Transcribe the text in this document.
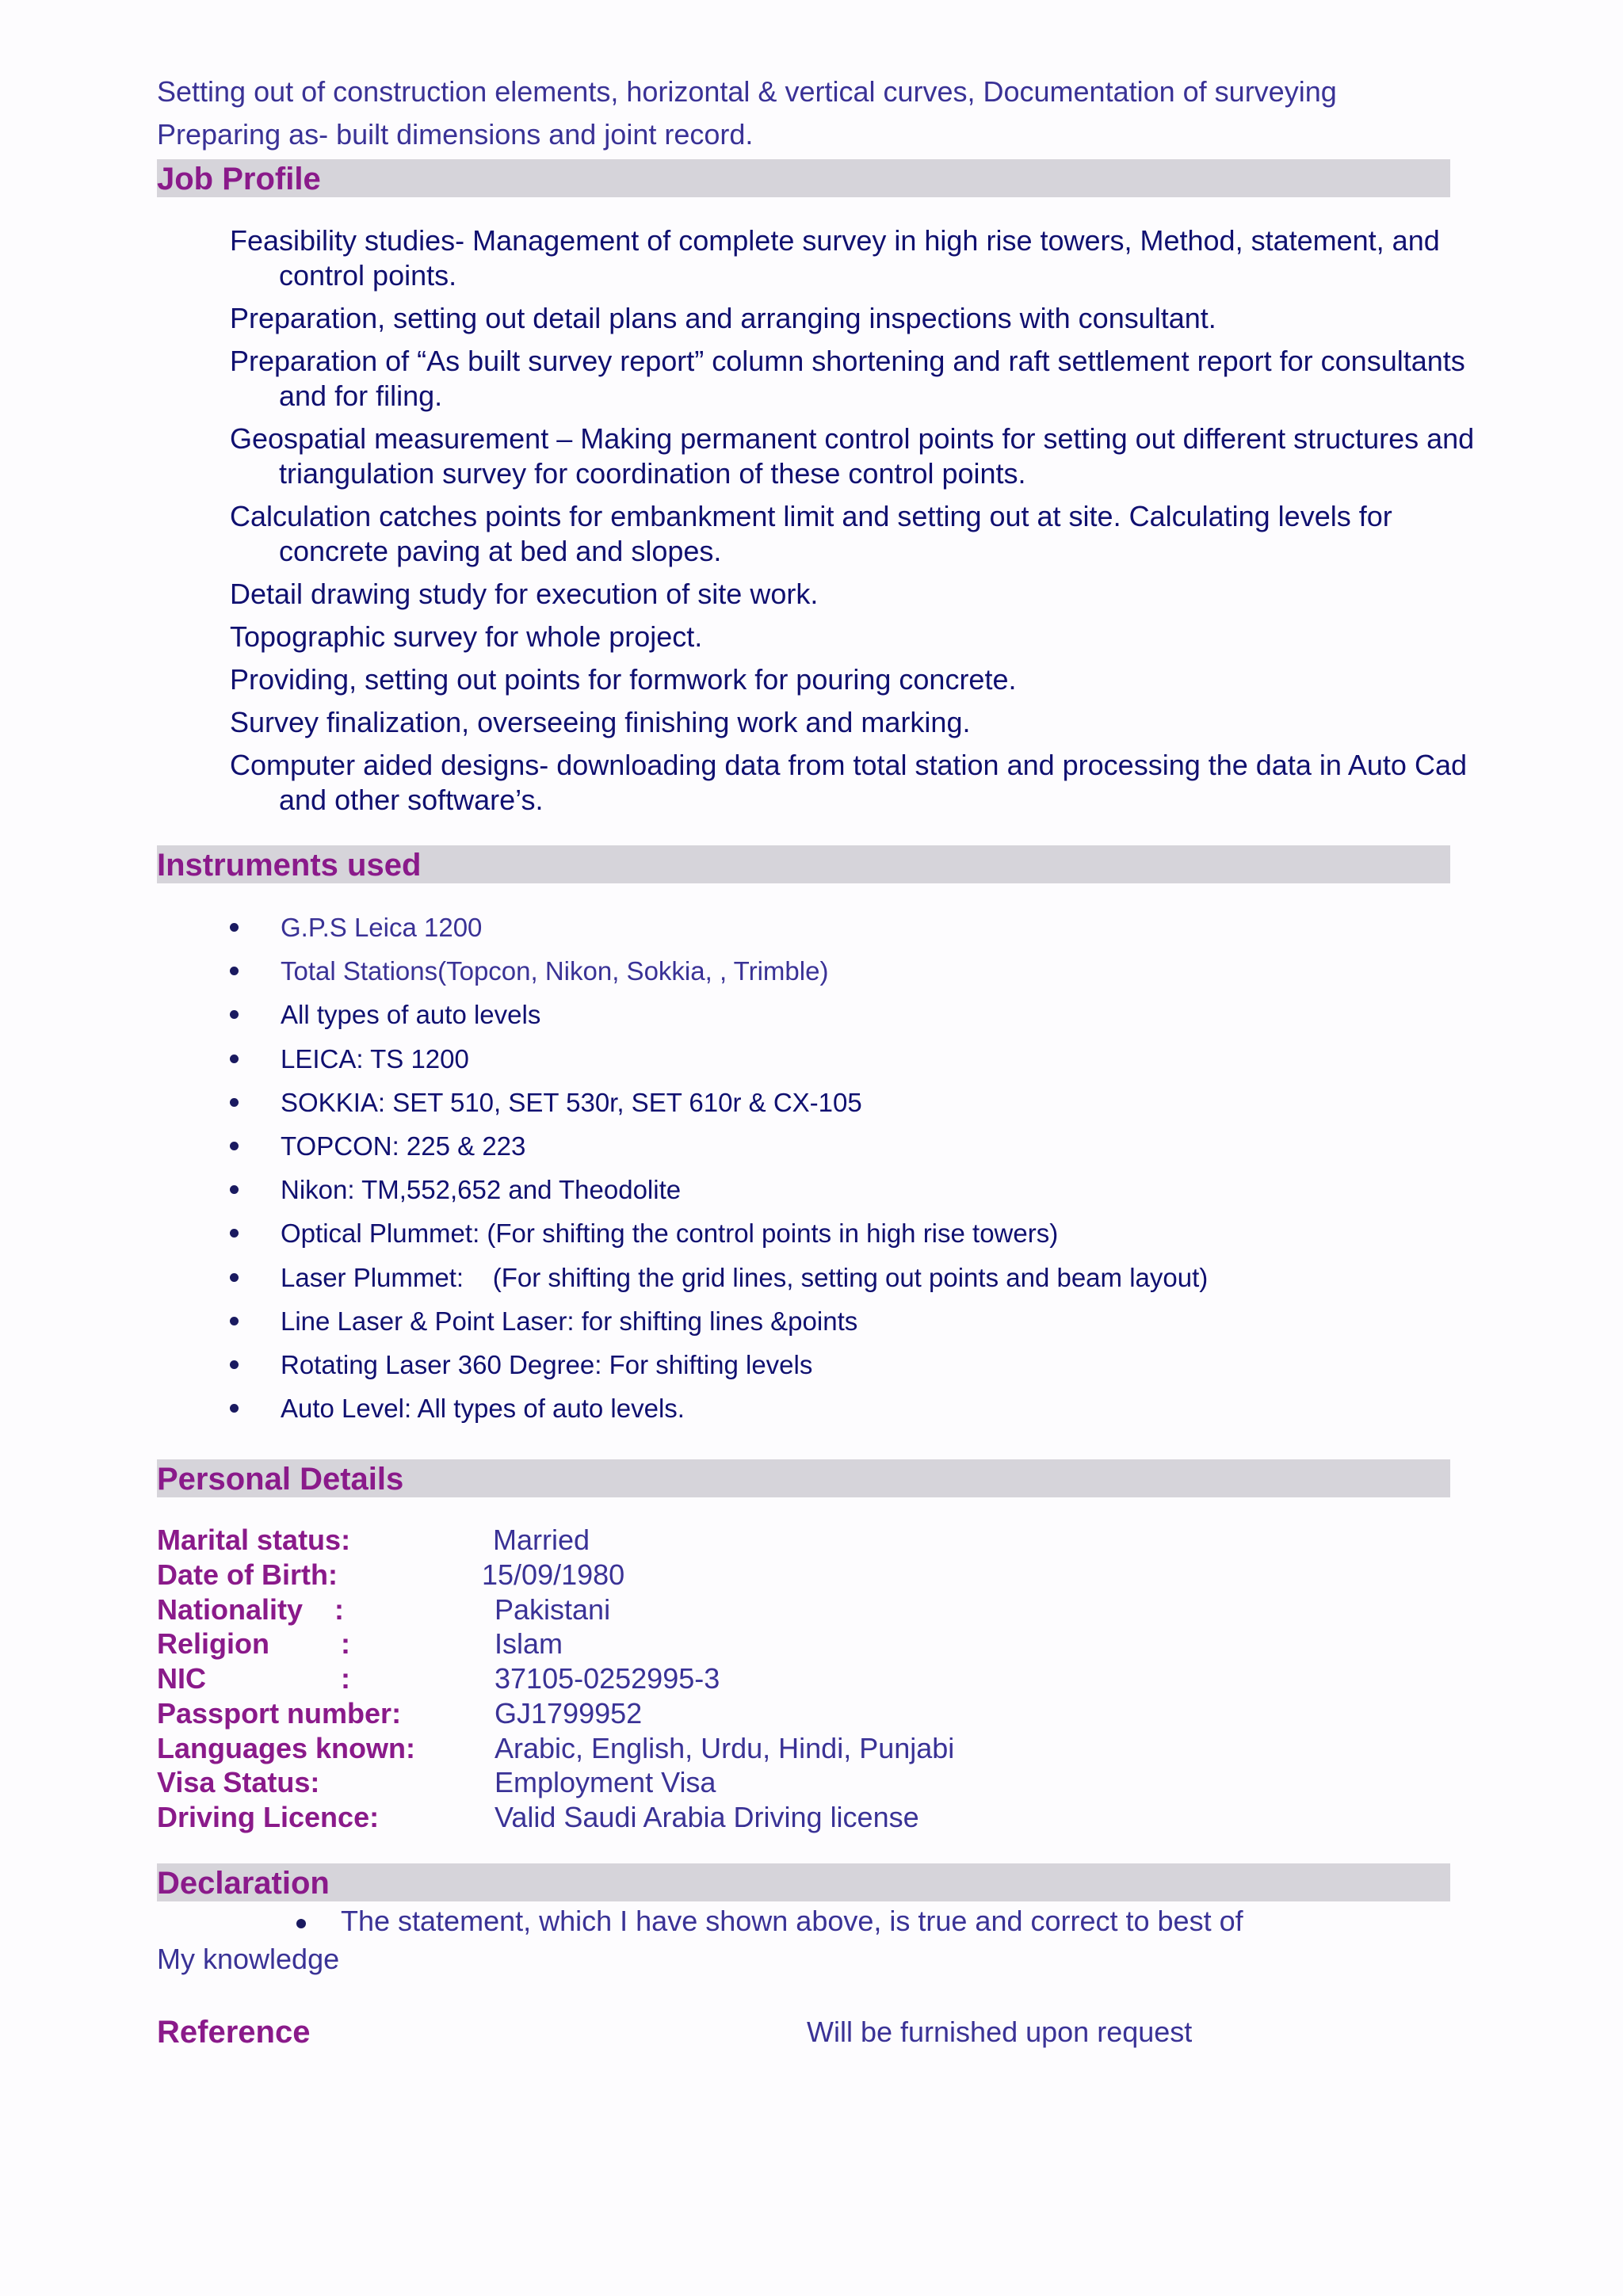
Setting out of construction elements, horizontal & vertical curves, Documentation of surveying
Preparing as- built dimensions and joint record.
Job Profile
Feasibility studies- Management of complete survey in high rise towers, Method, statement, and control points.
Preparation, setting out detail plans and arranging inspections with consultant.
Preparation of “As built survey report” column shortening and raft settlement report for consultants and for filing.
Geospatial measurement – Making permanent control points for setting out different structures and triangulation survey for coordination of these control points.
Calculation catches points for embankment limit and setting out at site. Calculating levels for concrete paving at bed and slopes.
Detail drawing study for execution of site work.
Topographic survey for whole project.
Providing, setting out points for formwork for pouring concrete.
Survey finalization, overseeing finishing work and marking.
Computer aided designs- downloading data from total station and processing the data in Auto Cad and other software’s.
Instruments used
G.P.S Leica 1200
Total Stations(Topcon, Nikon, Sokkia, , Trimble)
All types of auto levels
LEICA: TS 1200
SOKKIA: SET 510, SET 530r, SET 610r & CX-105
TOPCON: 225 & 223
Nikon: TM,552,652 and Theodolite
Optical Plummet: (For shifting the control points in high rise towers)
Laser Plummet:    (For shifting the grid lines, setting out points and beam layout)
Line Laser & Point Laser: for shifting lines &points
Rotating Laser 360 Degree: For shifting levels
Auto Level: All types of auto levels.
Personal Details
Marital status:	Married
Date of Birth:	15/09/1980
Nationality    :	Pakistani
Religion         :	Islam
NIC                 :	37105-0252995-3
Passport number:	GJ1799952
Languages known:	Arabic, English, Urdu, Hindi, Punjabi
Visa Status:	Employment Visa
Driving Licence:	Valid Saudi Arabia Driving license
Declaration
The statement, which I have shown above, is true and correct to best of
My knowledge
Reference	Will be furnished upon request
